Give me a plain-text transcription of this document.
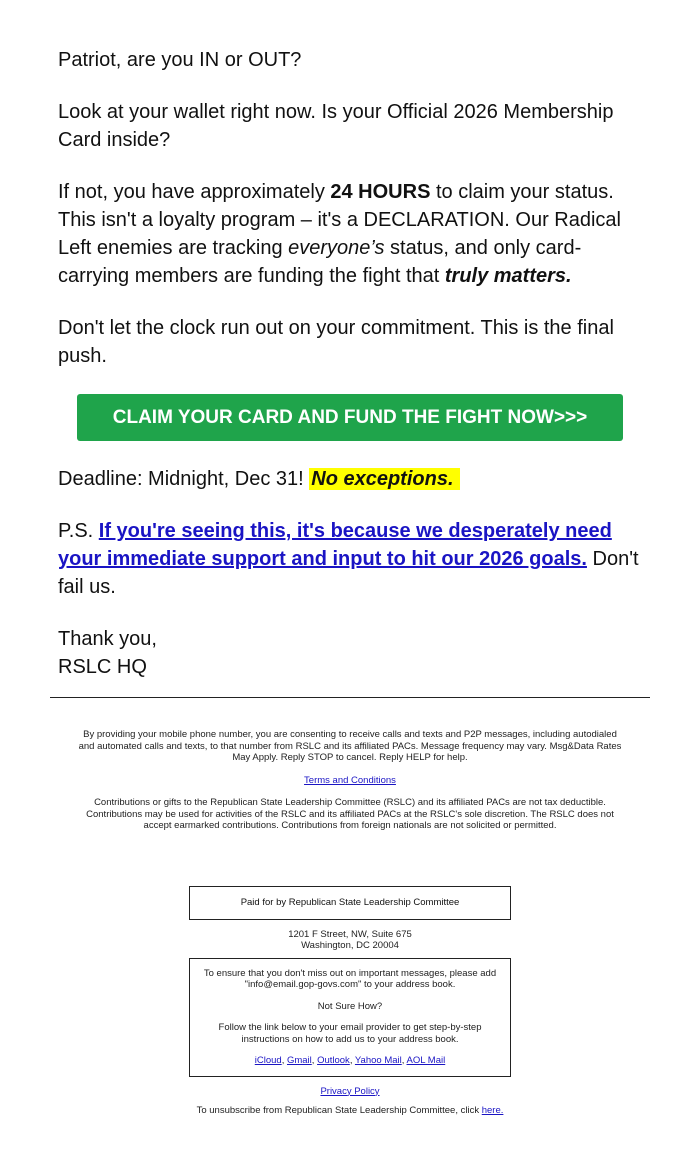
Patriot, are you IN or OUT?

Look at your wallet right now. Is your Official 2026 Membership Card inside?

If not, you have approximately 24 HOURS to claim your status. This isn't a loyalty program – it's a DECLARATION. Our Radical Left enemies are tracking everyone’s status, and only card-carrying members are funding the fight that truly matters.

Don't let the clock run out on your commitment. This is the final push.

CLAIM YOUR CARD AND FUND THE FIGHT NOW>>>

Deadline: Midnight, Dec 31! No exceptions.

P.S. If you're seeing this, it's because we desperately need your immediate support and input to hit our 2026 goals. Don't fail us.

Thank you,
RSLC HQ

By providing your mobile phone number, you are consenting to receive calls and texts and P2P messages, including autodialed and automated calls and texts, to that number from RSLC and its affiliated PACs. Message frequency may vary. Msg&Data Rates May Apply. Reply STOP to cancel. Reply HELP for help.

Terms and Conditions

Contributions or gifts to the Republican State Leadership Committee (RSLC) and its affiliated PACs are not tax deductible. Contributions may be used for activities of the RSLC and its affiliated PACs at the RSLC's sole discretion. The RSLC does not accept earmarked contributions. Contributions from foreign nationals are not solicited or permitted.

Paid for by Republican State Leadership Committee
1201 F Street, NW, Suite 675
Washington, DC 20004

To ensure that you don't miss out on important messages, please add "info@email.gop-govs.com" to your address book.

Not Sure How?

Follow the link below to your email provider to get step-by-step instructions on how to add us to your address book.

iCloud, Gmail, Outlook, Yahoo Mail, AOL Mail

Privacy Policy
To unsubscribe from Republican State Leadership Committee, click here.
